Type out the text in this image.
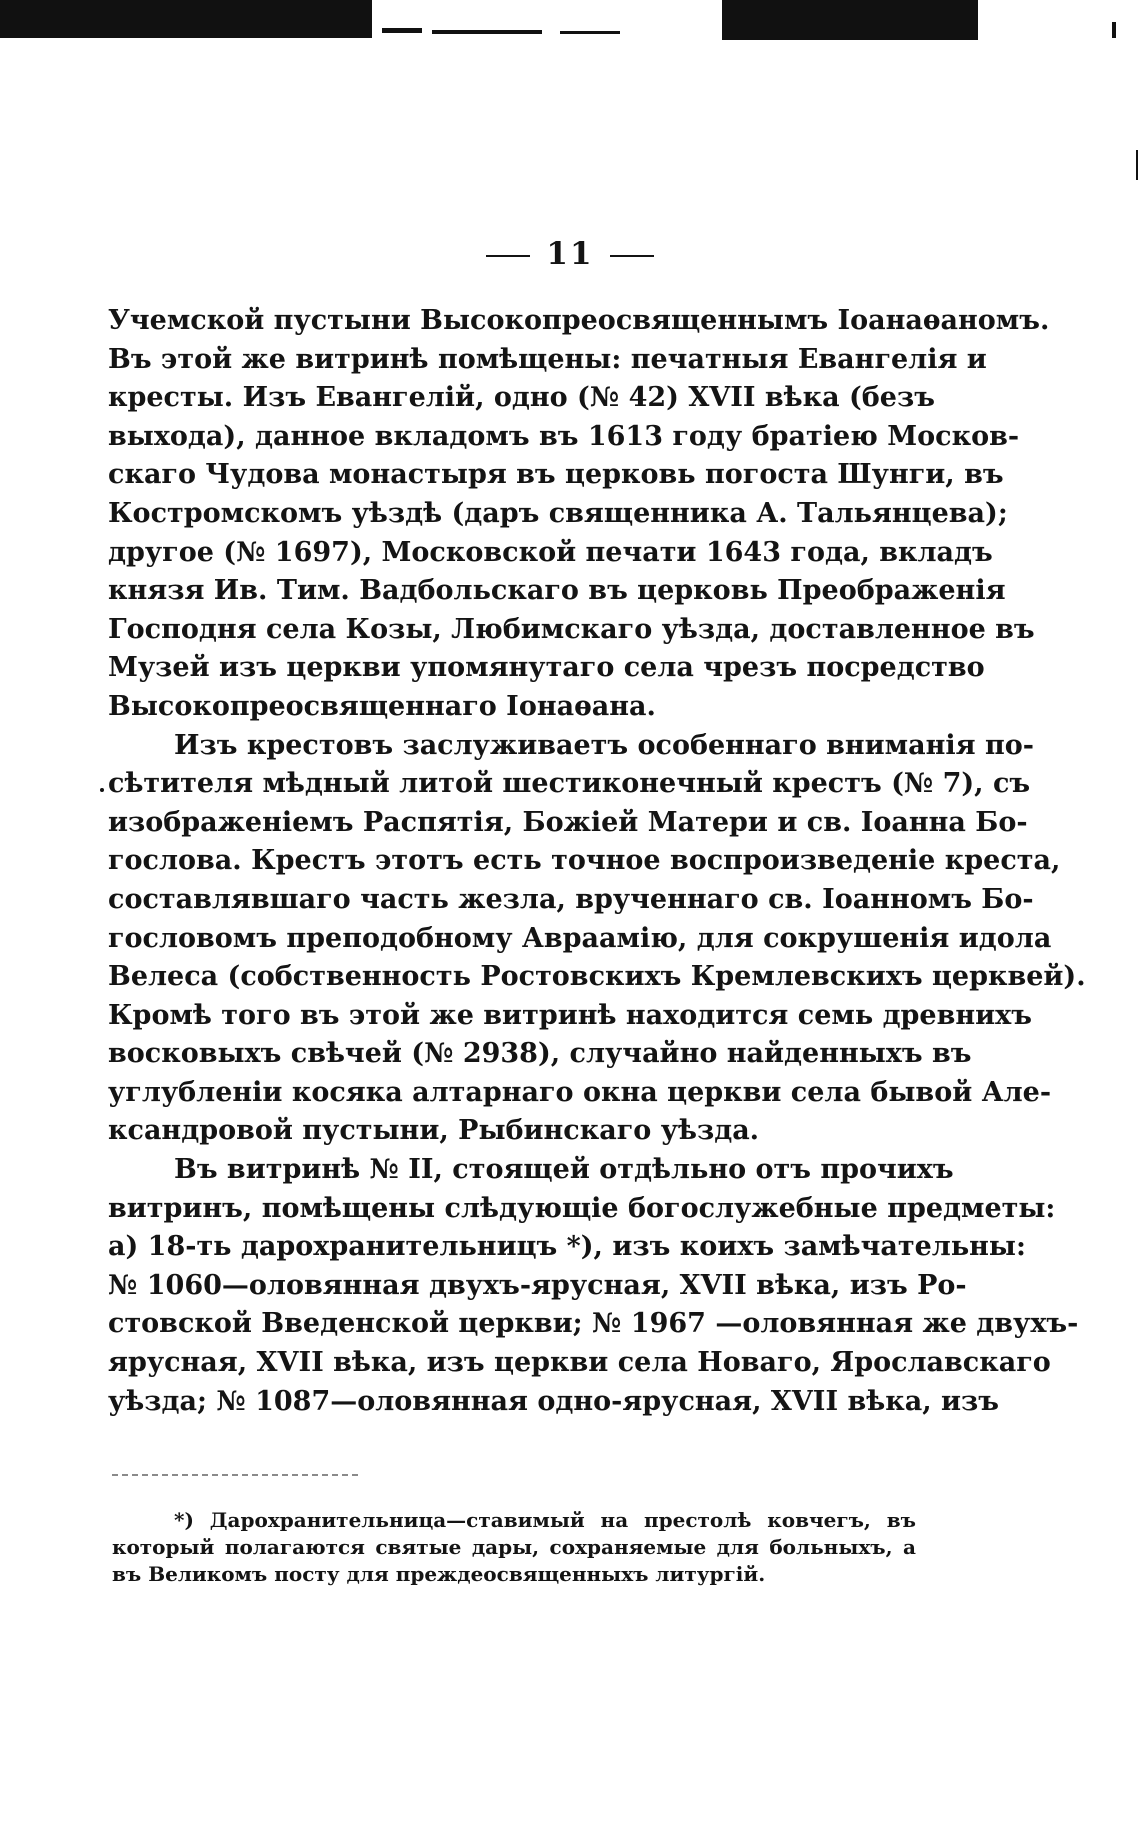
11
Учемской пустыни Высокопреосвященнымъ Іоанаѳаномъ.
Въ этой же витринѣ помѣщены: печатныя Евангелія и
кресты. Изъ Евангелій, одно (№ 42) XVII вѣка (безъ
выхода), данное вкладомъ въ 1613 году братіею Москов-
скаго Чудова монастыря въ церковь погоста Шунги, въ
Костромскомъ уѣздѣ (даръ священника А. Тальянцева);
другое (№ 1697), Московской печати 1643 года, вкладъ
князя Ив. Тим. Вадбольскаго въ церковь Преображенія
Господня села Козы, Любимскаго уѣзда, доставленное въ
Музей изъ церкви упомянутаго села чрезъ посредство
Высокопреосвященнаго Іонаѳана.
Изъ крестовъ заслуживаетъ особеннаго вниманія по-
сѣтителя мѣдный литой шестиконечный крестъ (№ 7), съ
изображеніемъ Распятія, Божіей Матери и св. Іоанна Бо-
гослова. Крестъ этотъ есть точное воспроизведеніе креста,
составлявшаго часть жезла, врученнаго св. Іоанномъ Бо-
гословомъ преподобному Авраамію, для сокрушенія идола
Велеса (собственность Ростовскихъ Кремлевскихъ церквей).
Кромѣ того въ этой же витринѣ находится семь древнихъ
восковыхъ свѣчей (№ 2938), случайно найденныхъ въ
углубленіи косяка алтарнаго окна церкви села бывой Але-
ксандровой пустыни, Рыбинскаго уѣзда.
Въ витринѣ № II, стоящей отдѣльно отъ прочихъ
витринъ, помѣщены слѣдующіе богослужебные предметы:
а) 18-ть дарохранительницъ *), изъ коихъ замѣчательны:
№ 1060—оловянная двухъ-ярусная, XVII вѣка, изъ Ро-
стовской Введенской церкви; № 1967 —оловянная же двухъ-
ярусная, XVII вѣка, изъ церкви села Новаго, Ярославскаго
уѣзда; № 1087—оловянная одно-ярусная, XVII вѣка, изъ
*) Дарохранительница—ставимый на престолѣ ковчегъ, въ
который полагаются святые дары, сохраняемые для больныхъ, а
въ Великомъ посту для преждеосвященныхъ литургій.
